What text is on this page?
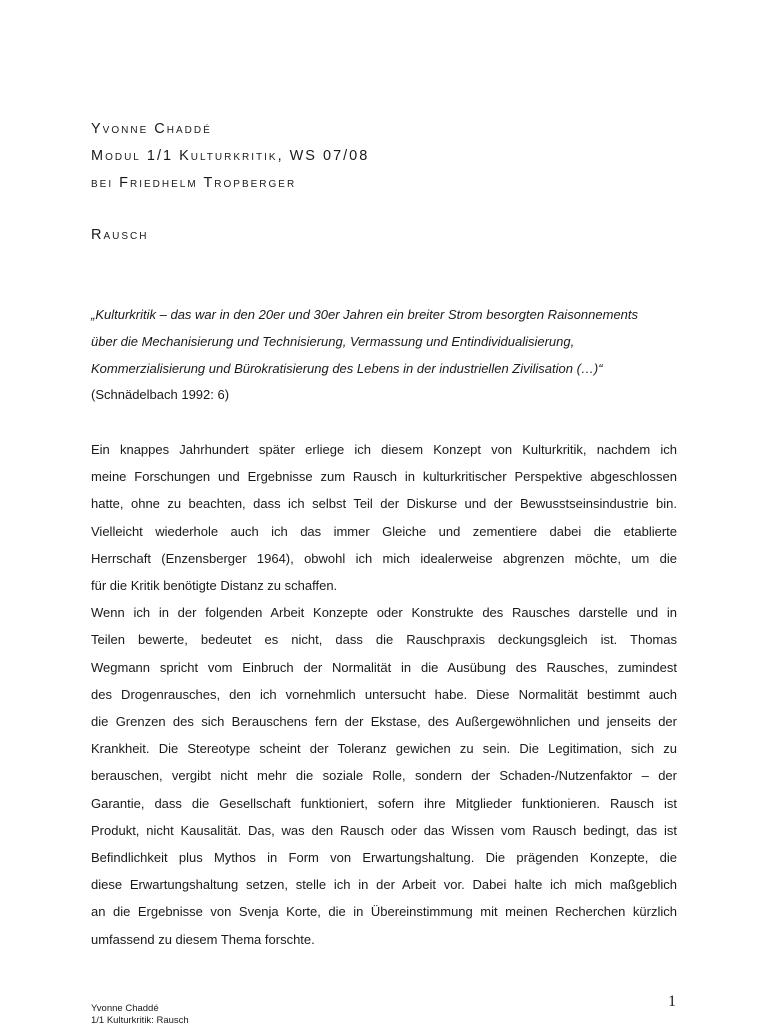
Yvonne Chaddé
Modul 1/1 Kulturkritik, WS 07/08
bei Friedhelm Tropberger
Rausch
„Kulturkritik – das war in den 20er und 30er Jahren ein breiter Strom besorgten Raisonnements
über die Mechanisierung und Technisierung, Vermassung und Entindividualisierung,
Kommerzialisierung und Bürokratisierung des Lebens in der industriellen Zivilisation (…)“
(Schnädelbach 1992: 6)
Ein knappes Jahrhundert später erliege ich diesem Konzept von Kulturkritik, nachdem ich
meine Forschungen und Ergebnisse zum Rausch in kulturkritischer Perspektive abgeschlossen
hatte, ohne zu beachten, dass ich selbst Teil der Diskurse und der Bewusstseinsindustrie bin.
Vielleicht wiederhole auch ich das immer Gleiche und zementiere dabei die etablierte
Herrschaft (Enzensberger 1964), obwohl ich mich idealerweise abgrenzen möchte, um die
für die Kritik benötigte Distanz zu schaffen.
Wenn ich in der folgenden Arbeit Konzepte oder Konstrukte des Rausches darstelle und in
Teilen bewerte, bedeutet es nicht, dass die Rauschpraxis deckungsgleich ist. Thomas
Wegmann spricht vom Einbruch der Normalität in die Ausübung des Rausches, zumindest
des Drogenrausches, den ich vornehmlich untersucht habe. Diese Normalität bestimmt auch
die Grenzen des sich Berauschens fern der Ekstase, des Außergewöhnlichen und jenseits der
Krankheit. Die Stereotype scheint der Toleranz gewichen zu sein. Die Legitimation, sich zu
berauschen, vergibt nicht mehr die soziale Rolle, sondern der Schaden-/Nutzenfaktor – der
Garantie, dass die Gesellschaft funktioniert, sofern ihre Mitglieder funktionieren. Rausch ist
Produkt, nicht Kausalität. Das, was den Rausch oder das Wissen vom Rausch bedingt, das ist
Befindlichkeit plus Mythos in Form von Erwartungshaltung. Die prägenden Konzepte, die
diese Erwartungshaltung setzen, stelle ich in der Arbeit vor. Dabei halte ich mich maßgeblich
an die Ergebnisse von Svenja Korte, die in Übereinstimmung mit meinen Recherchen kürzlich
umfassend zu diesem Thema forschte.
Yvonne Chaddé
1/1 Kulturkritik: Rausch
1
